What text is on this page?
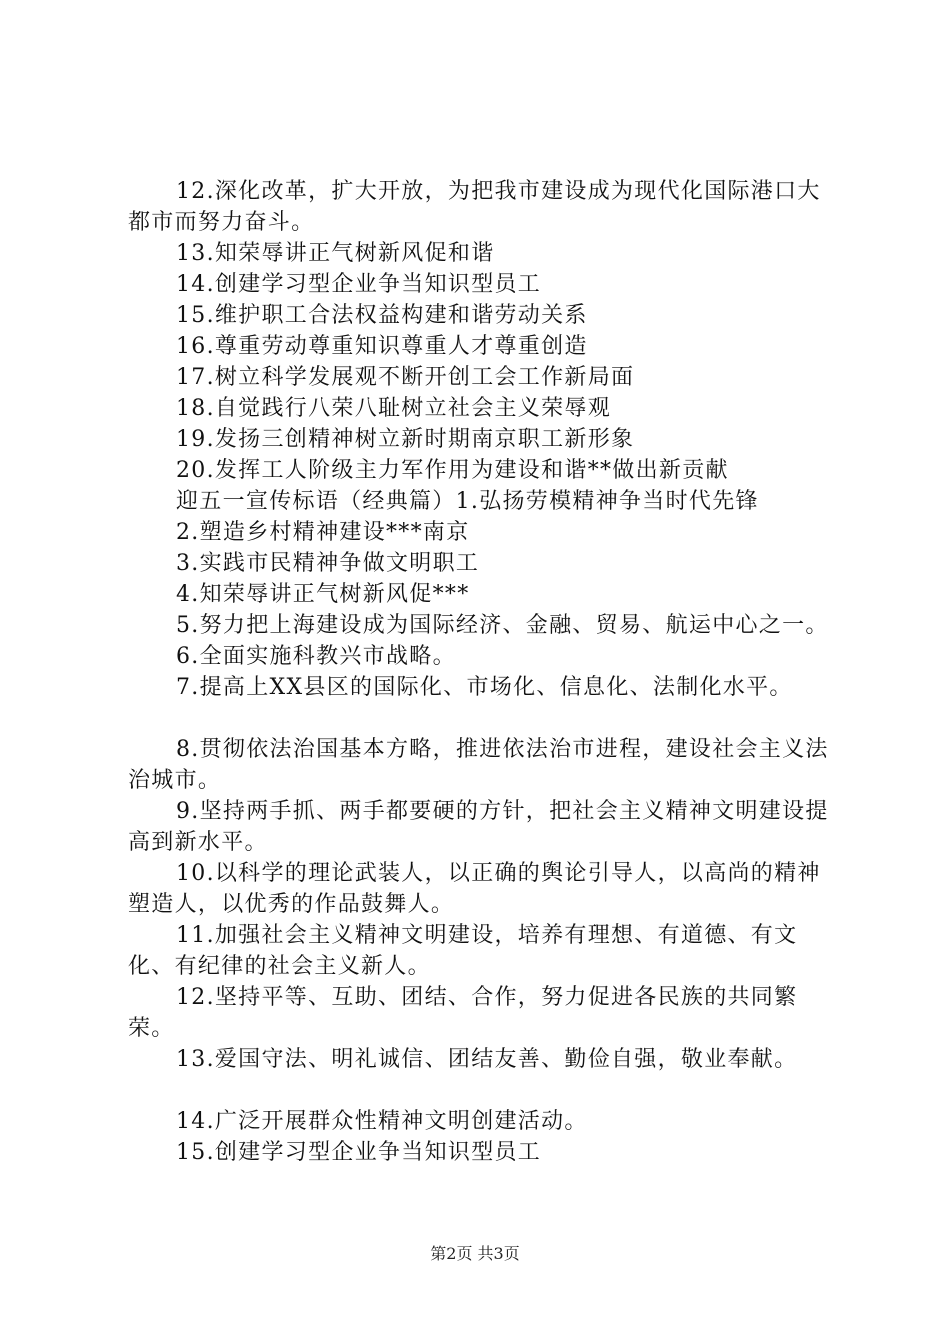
12.深化改革，扩大开放，为把我市建设成为现代化国际港口大都市而努力奋斗。

13.知荣辱讲正气树新风促和谐

14.创建学习型企业争当知识型员工

15.维护职工合法权益构建和谐劳动关系

16.尊重劳动尊重知识尊重人才尊重创造

17.树立科学发展观不断开创工会工作新局面

18.自觉践行八荣八耻树立社会主义荣辱观

19.发扬三创精神树立新时期南京职工新形象

20.发挥工人阶级主力军作用为建设和谐**做出新贡献

迎五一宣传标语（经典篇）1.弘扬劳模精神争当时代先锋

2.塑造乡村精神建设***南京

3.实践市民精神争做文明职工

4.知荣辱讲正气树新风促***

5.努力把上海建设成为国际经济、金融、贸易、航运中心之一。

6.全面实施科教兴市战略。

7.提高上XX县区的国际化、市场化、信息化、法制化水平。

8.贯彻依法治国基本方略，推进依法治市进程，建设社会主义法治城市。

9.坚持两手抓、两手都要硬的方针，把社会主义精神文明建设提高到新水平。

10.以科学的理论武装人，以正确的舆论引导人，以高尚的精神塑造人，以优秀的作品鼓舞人。

11.加强社会主义精神文明建设，培养有理想、有道德、有文化、有纪律的社会主义新人。

12.坚持平等、互助、团结、合作，努力促进各民族的共同繁荣。

13.爱国守法、明礼诚信、团结友善、勤俭自强，敬业奉献。

14.广泛开展群众性精神文明创建活动。

15.创建学习型企业争当知识型员工

第2页 共3页
